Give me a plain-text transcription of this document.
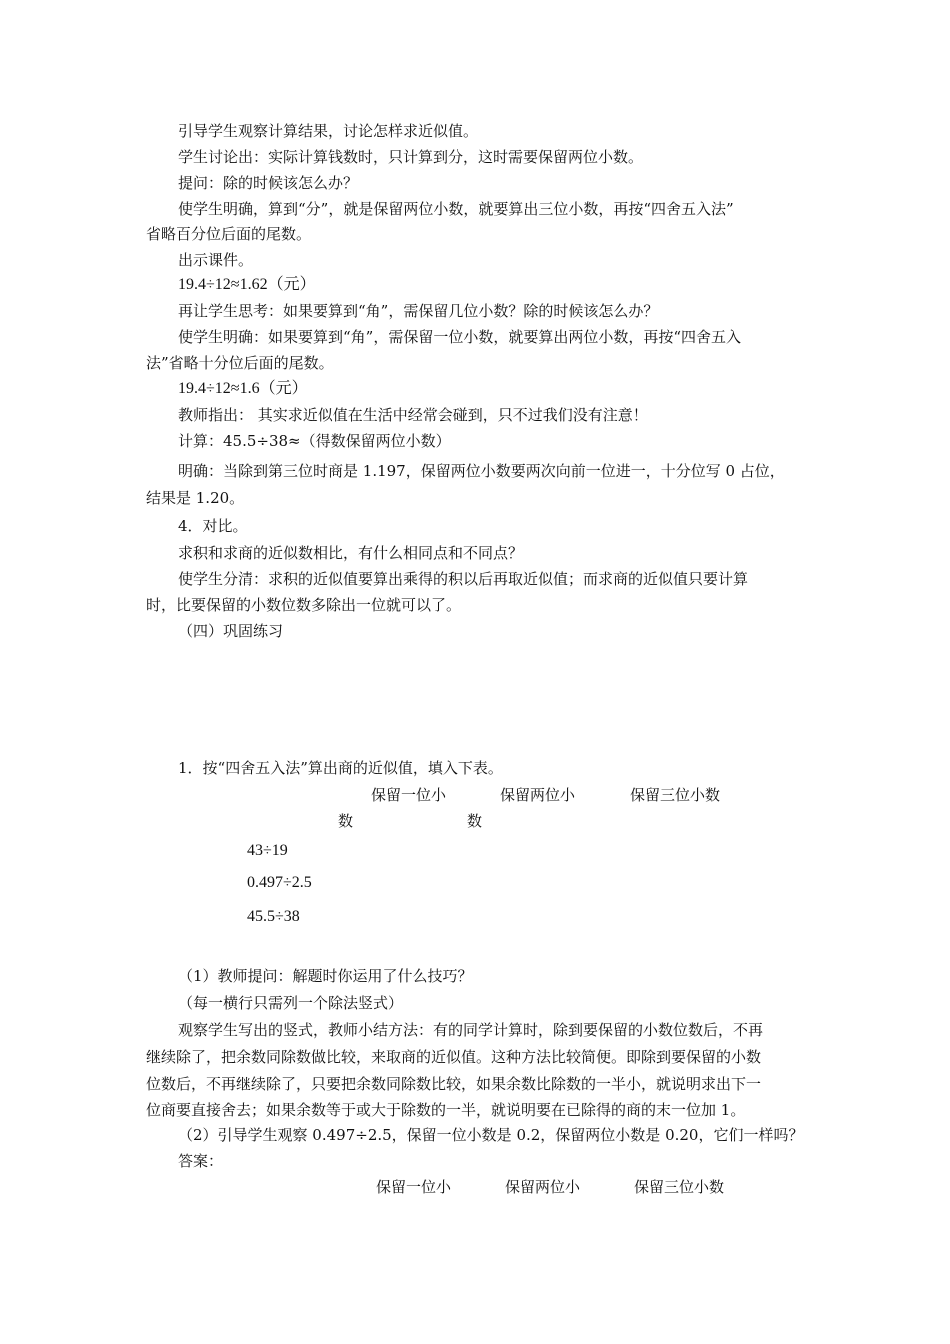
引导学生观察计算结果，讨论怎样求近似值。
学生讨论出：实际计算钱数时，只计算到分，这时需要保留两位小数。
提问：除的时候该怎么办？
使学生明确，算到“分”，就是保留两位小数，就要算出三位小数，再按“四舍五入法”
省略百分位后面的尾数。
出示课件。
19.4÷12≈1.62（元）
再让学生思考：如果要算到“角”，需保留几位小数？除的时候该怎么办？
使学生明确：如果要算到“角”，需保留一位小数，就要算出两位小数，再按“四舍五入
法”省略十分位后面的尾数。
19.4÷12≈1.6（元）
教师指出： 其实求近似值在生活中经常会碰到，只不过我们没有注意！
计算：45.5÷38≈（得数保留两位小数）
明确：当除到第三位时商是 1.197，保留两位小数要两次向前一位进一，十分位写 0 占位，
结果是 1.20。
4．对比。
求积和求商的近似数相比，有什么相同点和不同点？
使学生分清：求积的近似值要算出乘得的积以后再取近似值；而求商的近似值只要计算
时，比要保留的小数位数多除出一位就可以了。
（四）巩固练习
1．按“四舍五入法”算出商的近似值，填入下表。
保留一位小	保留两位小	保留三位小数
数	数
43÷19
0.497÷2.5
45.5÷38
（1）教师提问：解题时你运用了什么技巧？
（每一横行只需列一个除法竖式）
观察学生写出的竖式，教师小结方法：有的同学计算时，除到要保留的小数位数后，不再
继续除了，把余数同除数做比较，来取商的近似值。这种方法比较简便。即除到要保留的小数
位数后，不再继续除了，只要把余数同除数比较，如果余数比除数的一半小，就说明求出下一
位商要直接舍去；如果余数等于或大于除数的一半，就说明要在已除得的商的末一位加 1。
（2）引导学生观察 0.497÷2.5，保留一位小数是 0.2，保留两位小数是 0.20，它们一样吗？
答案：
保留一位小	保留两位小	保留三位小数
